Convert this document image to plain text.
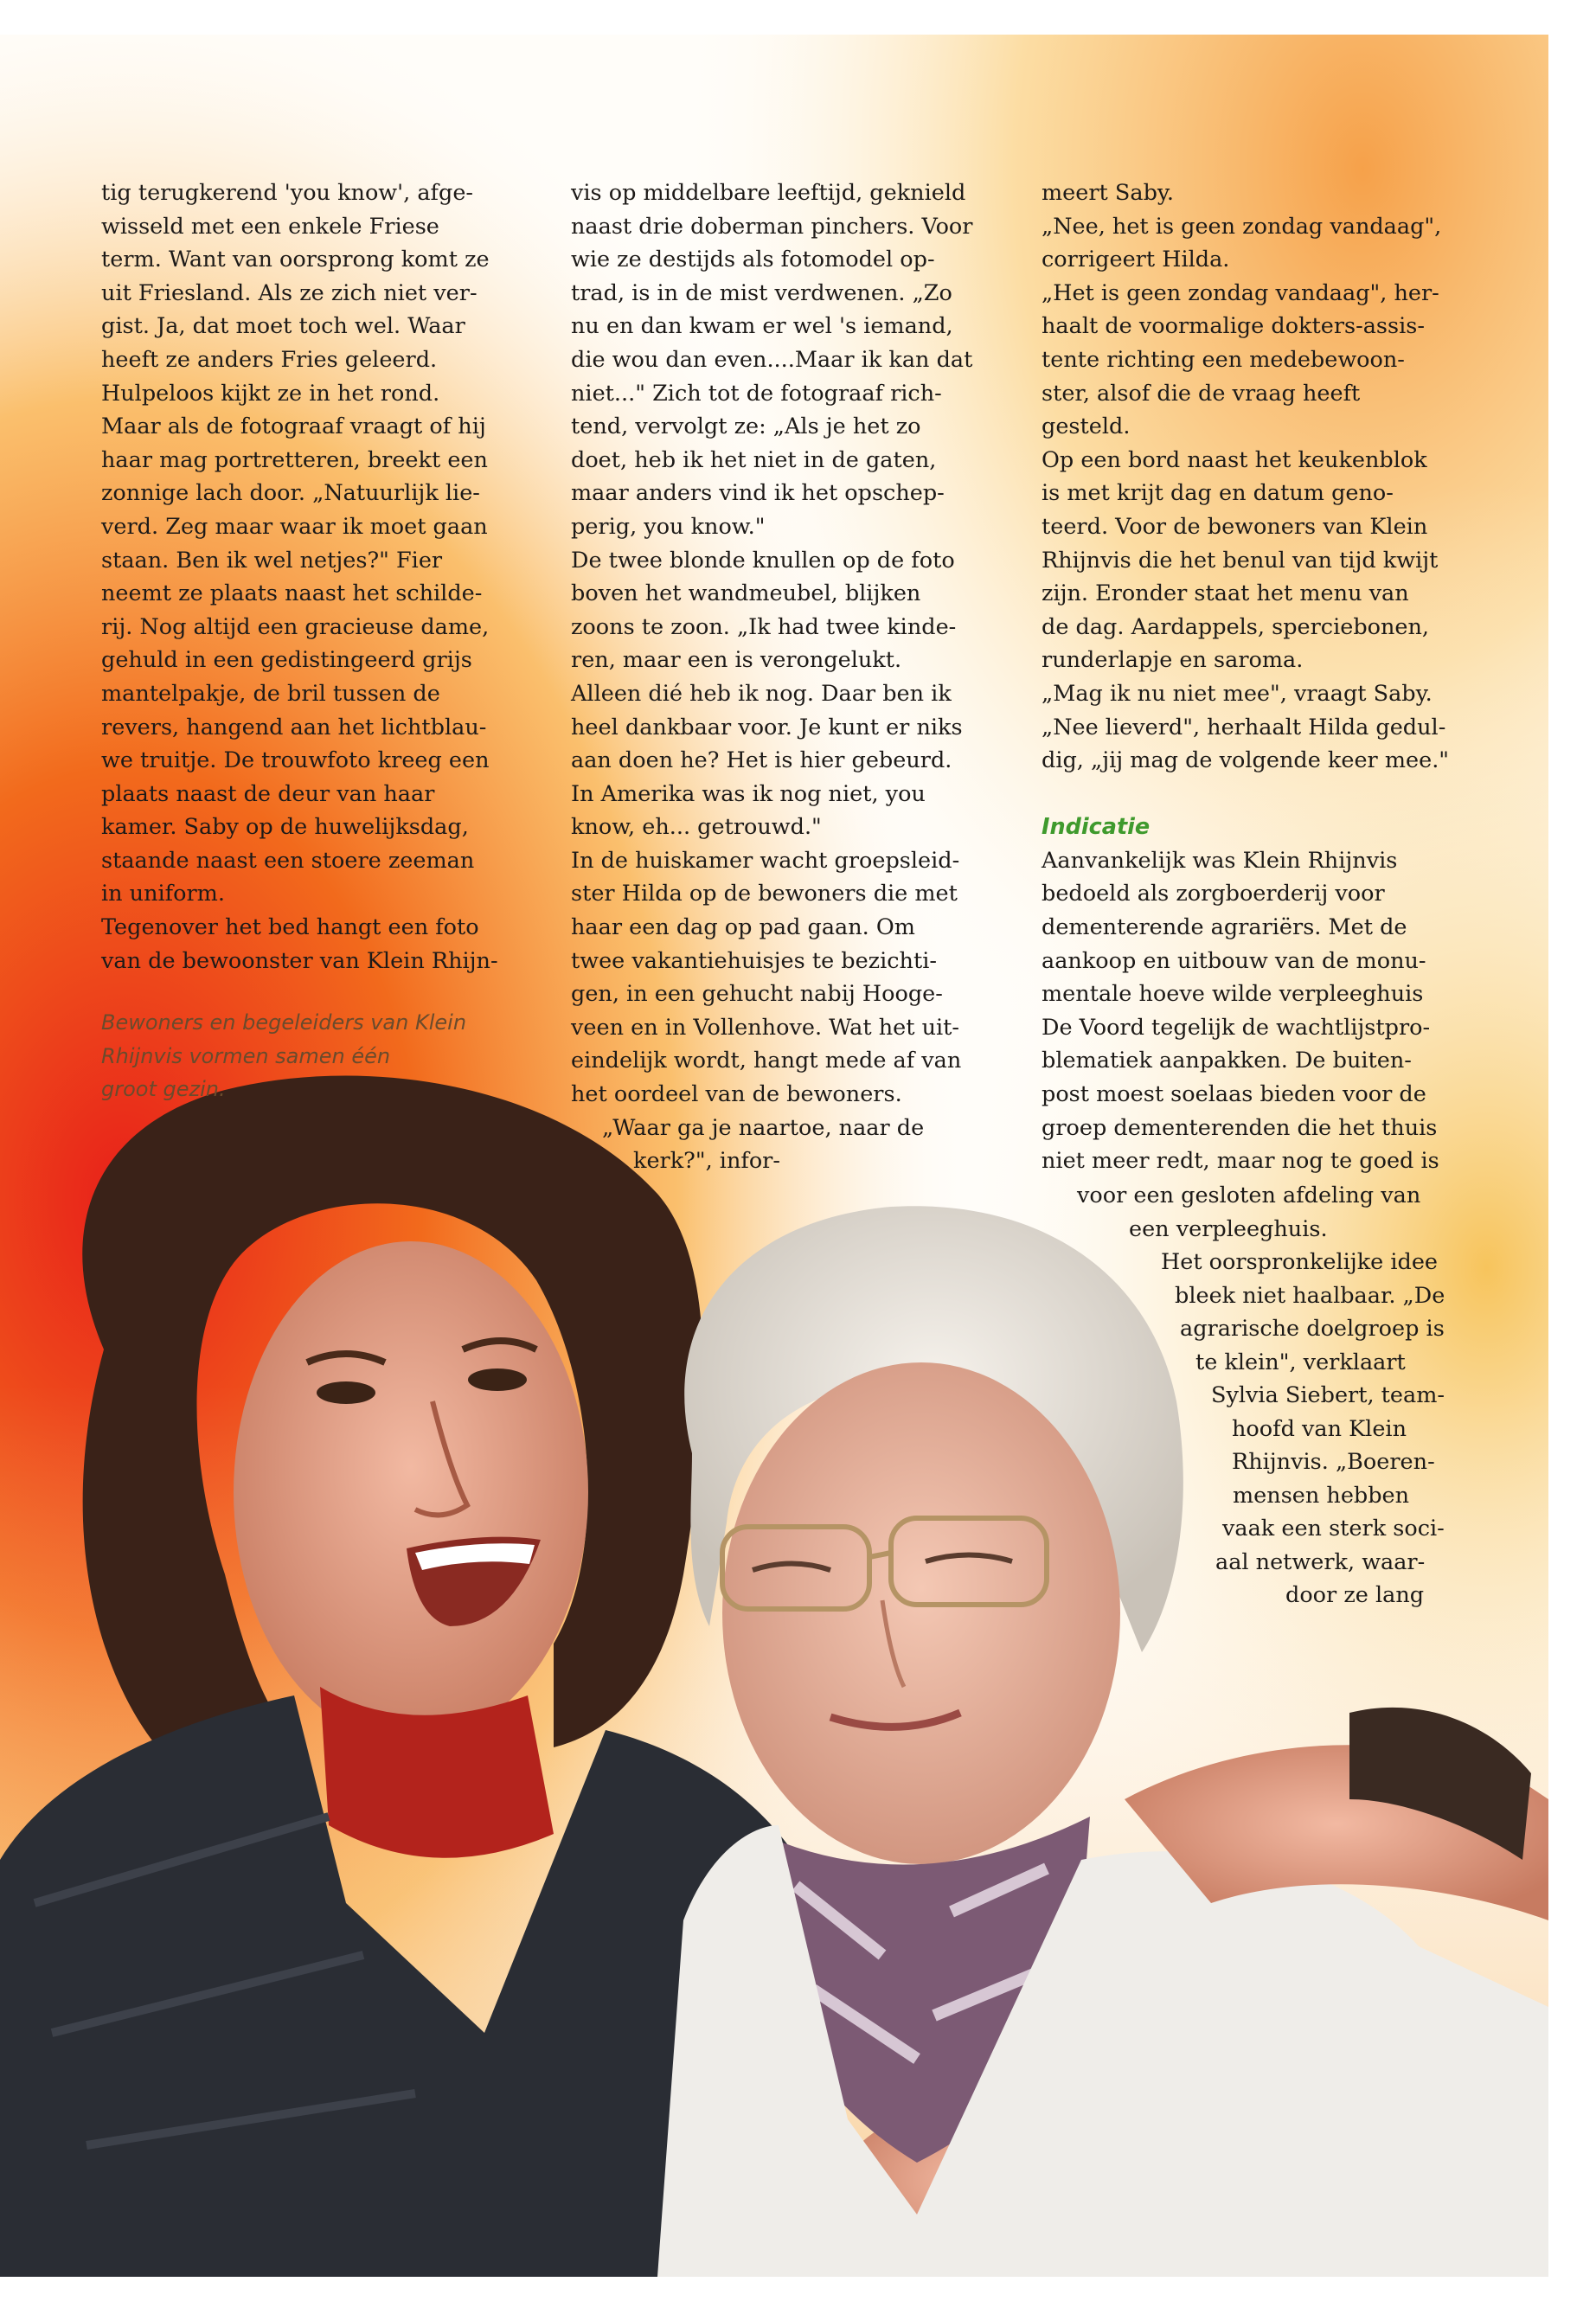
tig terugkerend 'you know', afge-
wisseld met een enkele Friese
term. Want van oorsprong komt ze
uit Friesland. Als ze zich niet ver-
gist. Ja, dat moet toch wel. Waar
heeft ze anders Fries geleerd.
Hulpeloos kijkt ze in het rond.
Maar als de fotograaf vraagt of hij
haar mag portretteren, breekt een
zonnige lach door. „Natuurlijk lie-
verd. Zeg maar waar ik moet gaan
staan. Ben ik wel netjes?" Fier
neemt ze plaats naast het schilde-
rij. Nog altijd een gracieuse dame,
gehuld in een gedistingeerd grijs
mantelpakje, de bril tussen de
revers, hangend aan het lichtblau-
we truitje. De trouwfoto kreeg een
plaats naast de deur van haar
kamer. Saby op de huwelijksdag,
staande naast een stoere zeeman
in uniform.
Tegenover het bed hangt een foto
van de bewoonster van Klein Rhijn-
Bewoners en begeleiders van Klein
Rhijnvis vormen samen één
groot gezin.
vis op middelbare leeftijd, geknield
naast drie doberman pinchers. Voor
wie ze destijds als fotomodel op-
trad, is in de mist verdwenen. „Zo
nu en dan kwam er wel 's iemand,
die wou dan even....Maar ik kan dat
niet..." Zich tot de fotograaf rich-
tend, vervolgt ze: „Als je het zo
doet, heb ik het niet in de gaten,
maar anders vind ik het opschep-
perig, you know."
De twee blonde knullen op de foto
boven het wandmeubel, blijken
zoons te zoon. „Ik had twee kinde-
ren, maar een is verongelukt.
Alleen dié heb ik nog. Daar ben ik
heel dankbaar voor. Je kunt er niks
aan doen he? Het is hier gebeurd.
In Amerika was ik nog niet, you
know, eh... getrouwd."
In de huiskamer wacht groepsleid-
ster Hilda op de bewoners die met
haar een dag op pad gaan. Om
twee vakantiehuisjes te bezichti-
gen, in een gehucht nabij Hooge-
veen en in Vollenhove. Wat het uit-
eindelijk wordt, hangt mede af van
het oordeel van de bewoners.
„Waar ga je naartoe, naar de
kerk?", infor-
meert Saby.
„Nee, het is geen zondag vandaag",
corrigeert Hilda.
„Het is geen zondag vandaag", her-
haalt de voormalige dokters-assis-
tente richting een medebewoon-
ster, alsof die de vraag heeft
gesteld.
Op een bord naast het keukenblok
is met krijt dag en datum geno-
teerd. Voor de bewoners van Klein
Rhijnvis die het benul van tijd kwijt
zijn. Eronder staat het menu van
de dag. Aardappels, sperciebonen,
runderlapje en saroma.
„Mag ik nu niet mee", vraagt Saby.
„Nee lieverd", herhaalt Hilda gedul-
dig, „jij mag de volgende keer mee."
Indicatie
Aanvankelijk was Klein Rhijnvis
bedoeld als zorgboerderij voor
dementerende agrariërs. Met de
aankoop en uitbouw van de monu-
mentale hoeve wilde verpleeghuis
De Voord tegelijk de wachtlijstpro-
blematiek aanpakken. De buiten-
post moest soelaas bieden voor de
groep dementerenden die het thuis
niet meer redt, maar nog te goed is
voor een gesloten afdeling van
een verpleeghuis.
Het oorspronkelijke idee
bleek niet haalbaar. „De
agrarische doelgroep is
te klein", verklaart
Sylvia Siebert, team-
hoofd van Klein
Rhijnvis. „Boeren-
mensen hebben
vaak een sterk soci-
aal netwerk, waar-
door ze lang
